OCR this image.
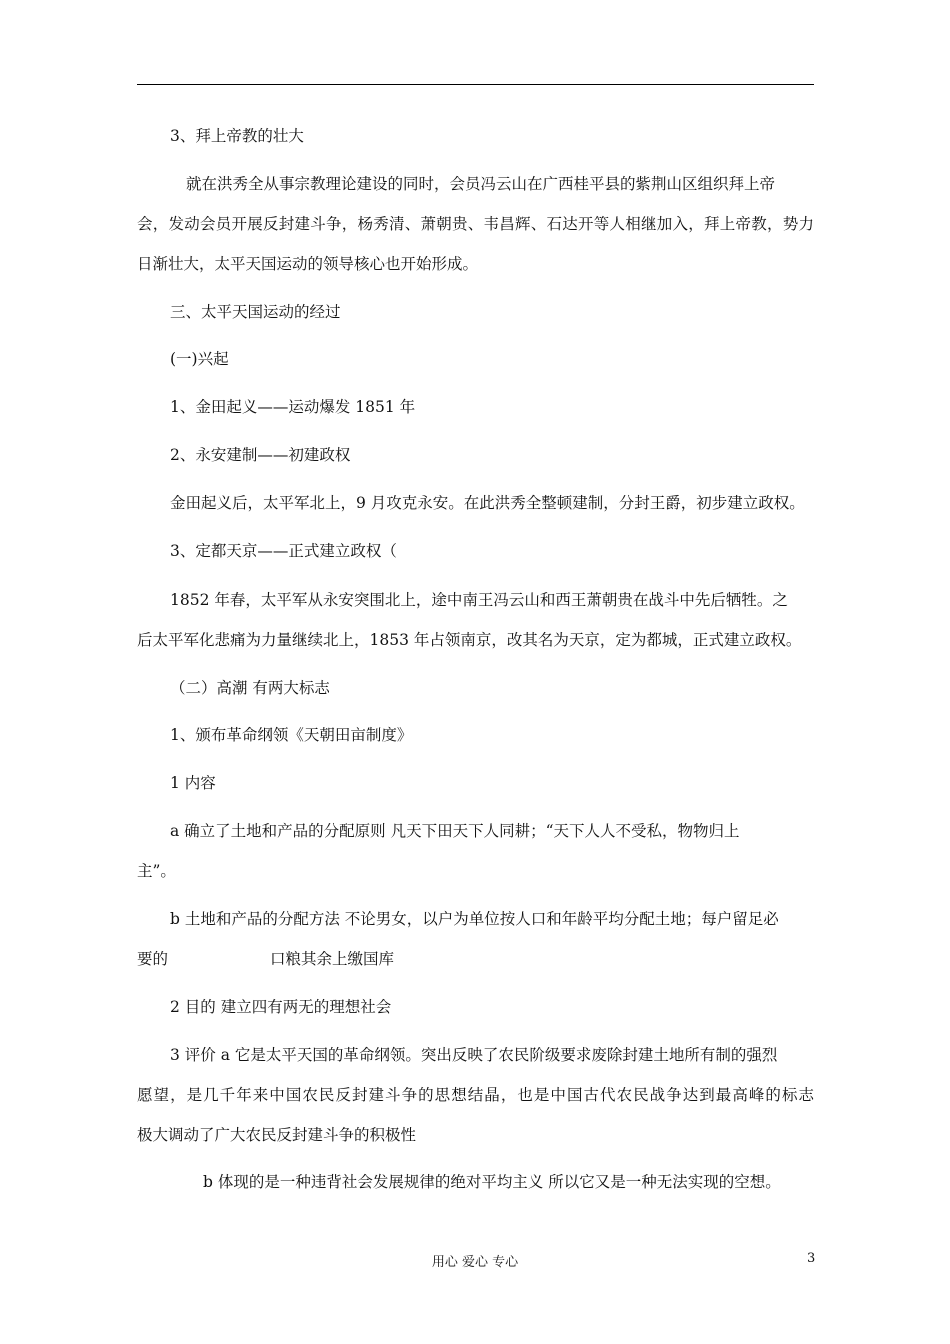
3、拜上帝教的壮大
就在洪秀全从事宗教理论建设的同时，会员冯云山在广西桂平县的紫荆山区组织拜上帝
会，发动会员开展反封建斗争，杨秀清、萧朝贵、韦昌辉、石达开等人相继加入，拜上帝教，势力
日渐壮大，太平天国运动的领导核心也开始形成。
三、太平天国运动的经过
(一)兴起
1、金田起义——运动爆发 1851 年
2、永安建制——初建政权
金田起义后，太平军北上，9 月攻克永安。在此洪秀全整顿建制，分封王爵，初步建立政权。
3、定都天京——正式建立政权（
1852 年春，太平军从永安突围北上，途中南王冯云山和西王萧朝贵在战斗中先后牺牲。之
后太平军化悲痛为力量继续北上，1853 年占领南京，改其名为天京，定为都城，正式建立政权。
（二）高潮 有两大标志
1、颁布革命纲领《天朝田亩制度》
1 内容
a 确立了土地和产品的分配原则 凡天下田天下人同耕；“天下人人不受私，物物归上
主”。
b 土地和产品的分配方法 不论男女，以户为单位按人口和年龄平均分配土地；每户留足必
要的	口粮其余上缴国库
2 目的 建立四有两无的理想社会
3 评价 a 它是太平天国的革命纲领。突出反映了农民阶级要求废除封建土地所有制的强烈
愿望，是几千年来中国农民反封建斗争的思想结晶，也是中国古代农民战争达到最高峰的标志
极大调动了广大农民反封建斗争的积极性
b 体现的是一种违背社会发展规律的绝对平均主义 所以它又是一种无法实现的空想。
用心 爱心 专心	3
